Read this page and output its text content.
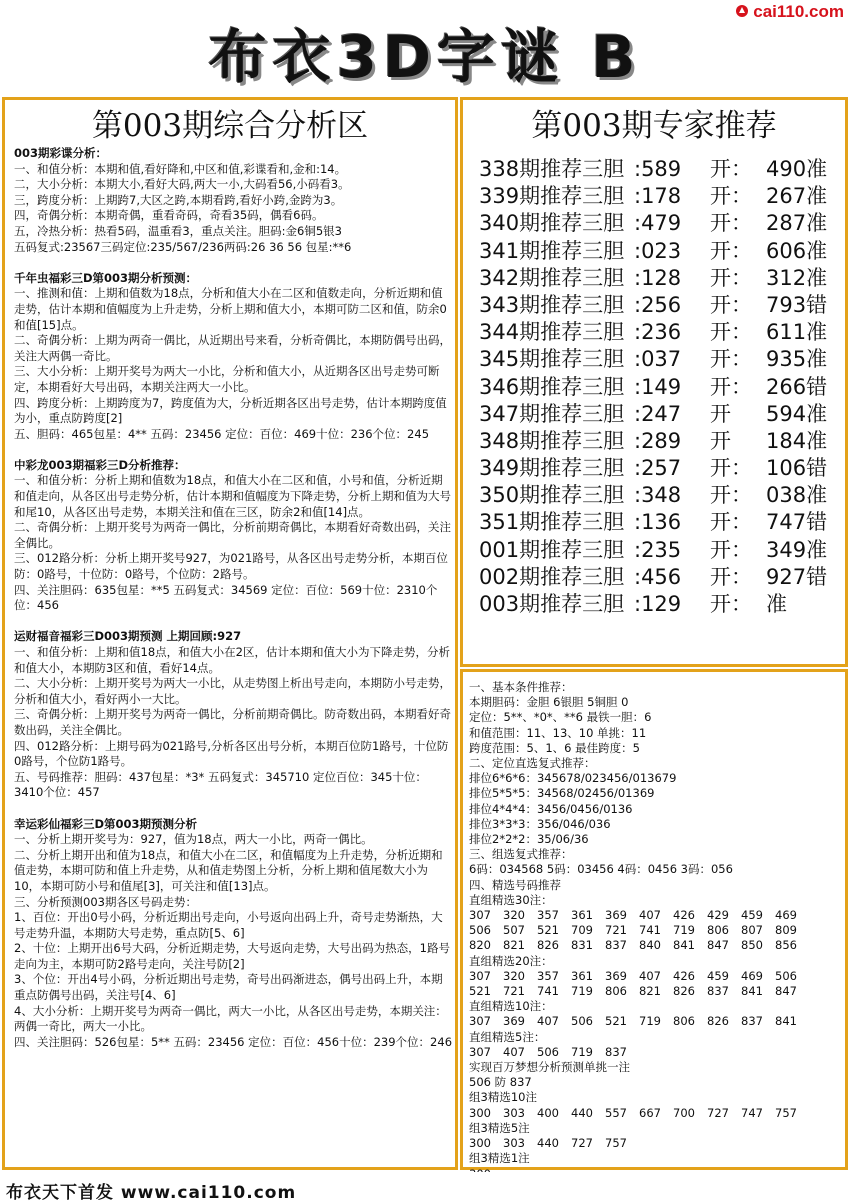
布衣3D字谜 B
cai110.com
第003期综合分析区
003期彩谍分析：
一、和值分析：本期和值,看好降和,中区和值,彩谍看和,金和:14。
二，大小分析：本期大小,看好大码,两大一小,大码看56,小码看3。
三，跨度分析：上期跨7,大区之跨,本期看跨,看好小跨,金跨为3。
四，奇偶分析：本期奇偶，重看奇码，奇看35码，偶看6码。
五，冷热分析：热看5码，温重看3，重点关注。胆码:金6铜5银3
五码复式:23567三码定位:235/567/236两码:26 36 56 包星:**6
千年虫福彩三D第003期分析预测：
一、推测和值：上期和值数为18点，分析和值大小在二区和值数走向，分析近期和值走势，估计本期和值幅度为上升走势，分析上期和值大小，本期可防二区和值，防余0和值[15]点。
二、奇偶分析：上期为两奇一偶比，从近期出号来看，分析奇偶比，本期防偶号出码，关注大两偶一奇比。
三、大小分析：上期开奖号为两大一小比，分析和值大小，从近期各区出号走势可断定，本期看好大号出码，本期关注两大一小比。
四、跨度分析：上期跨度为7，跨度值为大，分析近期各区出号走势，估计本期跨度值为小，重点防跨度[2]
五、胆码：465包星：4** 五码：23456 定位：百位：469十位：236个位：245
中彩龙003期福彩三D分析推荐：
一、和值分析：分析上期和值数为18点，和值大小在二区和值，小号和值，分析近期和值走向，从各区出号走势分析，估计本期和值幅度为下降走势，分析上期和值为大号和尾10，从各区出号走势，本期关注和值在三区，防余2和值[14]点。
二、奇偶分析：上期开奖号为两奇一偶比，分析前期奇偶比，本期看好奇数出码，关注全偶比。
三、012路分析：分析上期开奖号927，为021路号，从各区出号走势分析，本期百位防：0路号，十位防：0路号，个位防：2路号。
四、关注胆码：635包星：**5 五码复式：34569 定位：百位：569十位：2310个位：456
运财福音福彩三D003期预测 上期回顾:927
一、和值分析：上期和值18点，和值大小在2区，估计本期和值大小为下降走势，分析和值大小，本期防3区和值，看好14点。
二、大小分析：上期开奖号为两大一小比，从走势图上析出号走向，本期防小号走势，分析和值大小，看好两小一大比。
三、奇偶分析：上期开奖号为两奇一偶比，分析前期奇偶比。防奇数出码，本期看好奇数出码，关注全偶比。
四、012路分析：上期号码为021路号,分析各区出号分析，本期百位防1路号，十位防0路号，个位防1路号。
五、号码推荐：胆码：437包星：*3* 五码复式：345710 定位百位：345十位：3410个位：457
幸运彩仙福彩三D第003期预测分析
一、分析上期开奖号为：927，值为18点，两大一小比，两奇一偶比。
二、分析上期开出和值为18点，和值大小在二区，和值幅度为上升走势，分析近期和值走势，本期可防和值上升走势，从和值走势图上分析，分析上期和值尾数大小为10，本期可防小号和值尾[3]，可关注和值[13]点。
三、分析预测003期各区号码走势：
1、百位：开出0号小码，分析近期出号走向，小号返向出码上升，奇号走势渐热，大号走势升温，本期防大号走势，重点防[5、6]
2、十位：上期开出6号大码，分析近期走势，大号返向走势，大号出码为热态，1路号走向为主，本期可防2路号走向，关注号防[2]
3、个位：开出4号小码，分析近期出号走势，奇号出码渐进态，偶号出码上升，本期重点防偶号出码，关注号[4、6]
4、大小分析：上期开奖号为两奇一偶比，两大一小比，从各区出号走势，本期关注：两偶一奇比，两大一小比。
四、关注胆码：526包星：5** 五码：23456 定位：百位：456十位：239个位：246
第003期专家推荐
338期推荐三胆 :589 开： 490准
339期推荐三胆 :178 开： 267准
340期推荐三胆 :479 开： 287准
341期推荐三胆 :023 开： 606准
342期推荐三胆 :128 开： 312准
343期推荐三胆 :256 开： 793错
344期推荐三胆 :236 开： 611准
345期推荐三胆 :037 开： 935准
346期推荐三胆 :149 开： 266错
347期推荐三胆 :247 开 594准
348期推荐三胆 :289 开 184准
349期推荐三胆 :257 开： 106错
350期推荐三胆 :348 开： 038准
351期推荐三胆 :136 开： 747错
001期推荐三胆 :235 开： 349准
002期推荐三胆 :456 开： 927错
003期推荐三胆 :129 开： 准
一、基本条件推荐：
本期胆码：金胆 6银胆 5铜胆 0
定位：5**、*0*、**6 最铁一胆：6
和值范围：11、13、10 单挑：11
跨度范围：5、1、6 最佳跨度：5
二、定位直选复式推荐：
排位6*6*6：345678/023456/013679
排位5*5*5：34568/02456/01369
排位4*4*4：3456/0456/0136
排位3*3*3：356/046/036
排位2*2*2：35/06/36
三、组选复式推荐：
6码：034568 5码：03456 4码：0456 3码：056
四、精选号码推荐
直组精选30注：
307	320	357	361	369	407	426	429	459	469
506	507	521	709	721	741	719	806	807	809
820	821	826	831	837	840	841	847	850	856
直组精选20注：
307	320	357	361	369	407	426	459	469	506
521	721	741	719	806	821	826	837	841	847
直组精选10注：
307	369	407	506	521	719	806	826	837	841
直组精选5注：
307	407	506	719	837
实现百万梦想分析预测单挑一注
506 防 837
组3精选10注
300	303	400	440	557	667	700	727	747	757
组3精选5注
300	303	440	727	757
组3精选1注
布衣天下首发 www.cai110.com
